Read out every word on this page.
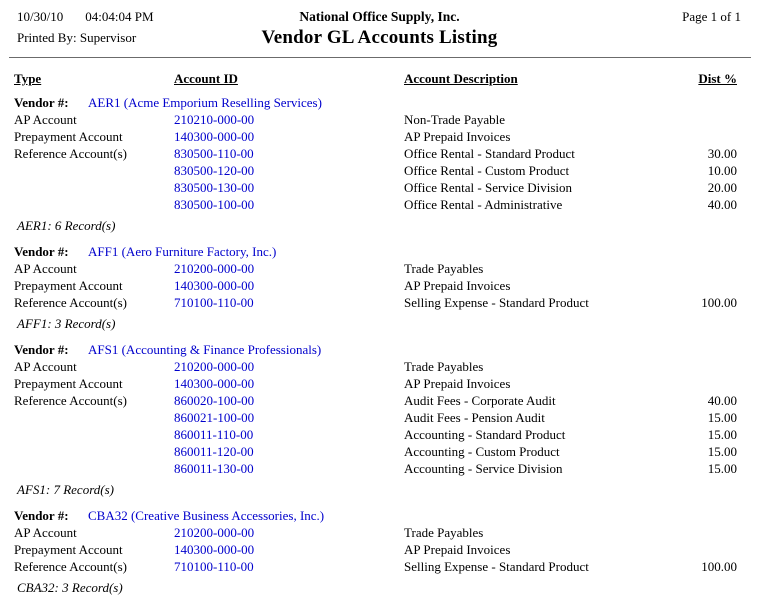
10/30/10 04:04:04 PM
Printed By: Supervisor
National Office Supply, Inc.
Vendor GL Accounts Listing
Page 1 of 1
Type	Account ID	Account Description	Dist %
Vendor #:	AER1 (Acme Emporium Reselling Services)
AP Account	210210-000-00	Non-Trade Payable
Prepayment Account	140300-000-00	AP Prepaid Invoices
Reference Account(s)	830500-110-00	Office Rental - Standard Product	30.00
830500-120-00	Office Rental - Custom Product	10.00
830500-130-00	Office Rental - Service Division	20.00
830500-100-00	Office Rental - Administrative	40.00
AER1: 6 Record(s)
Vendor #:	AFF1 (Aero Furniture Factory, Inc.)
AP Account	210200-000-00	Trade Payables
Prepayment Account	140300-000-00	AP Prepaid Invoices
Reference Account(s)	710100-110-00	Selling Expense - Standard Product	100.00
AFF1: 3 Record(s)
Vendor #:	AFS1 (Accounting & Finance Professionals)
AP Account	210200-000-00	Trade Payables
Prepayment Account	140300-000-00	AP Prepaid Invoices
Reference Account(s)	860020-100-00	Audit Fees - Corporate Audit	40.00
860021-100-00	Audit Fees - Pension Audit	15.00
860011-110-00	Accounting - Standard Product	15.00
860011-120-00	Accounting - Custom Product	15.00
860011-130-00	Accounting - Service Division	15.00
AFS1: 7 Record(s)
Vendor #:	CBA32 (Creative Business Accessories, Inc.)
AP Account	210200-000-00	Trade Payables
Prepayment Account	140300-000-00	AP Prepaid Invoices
Reference Account(s)	710100-110-00	Selling Expense - Standard Product	100.00
CBA32: 3 Record(s)
